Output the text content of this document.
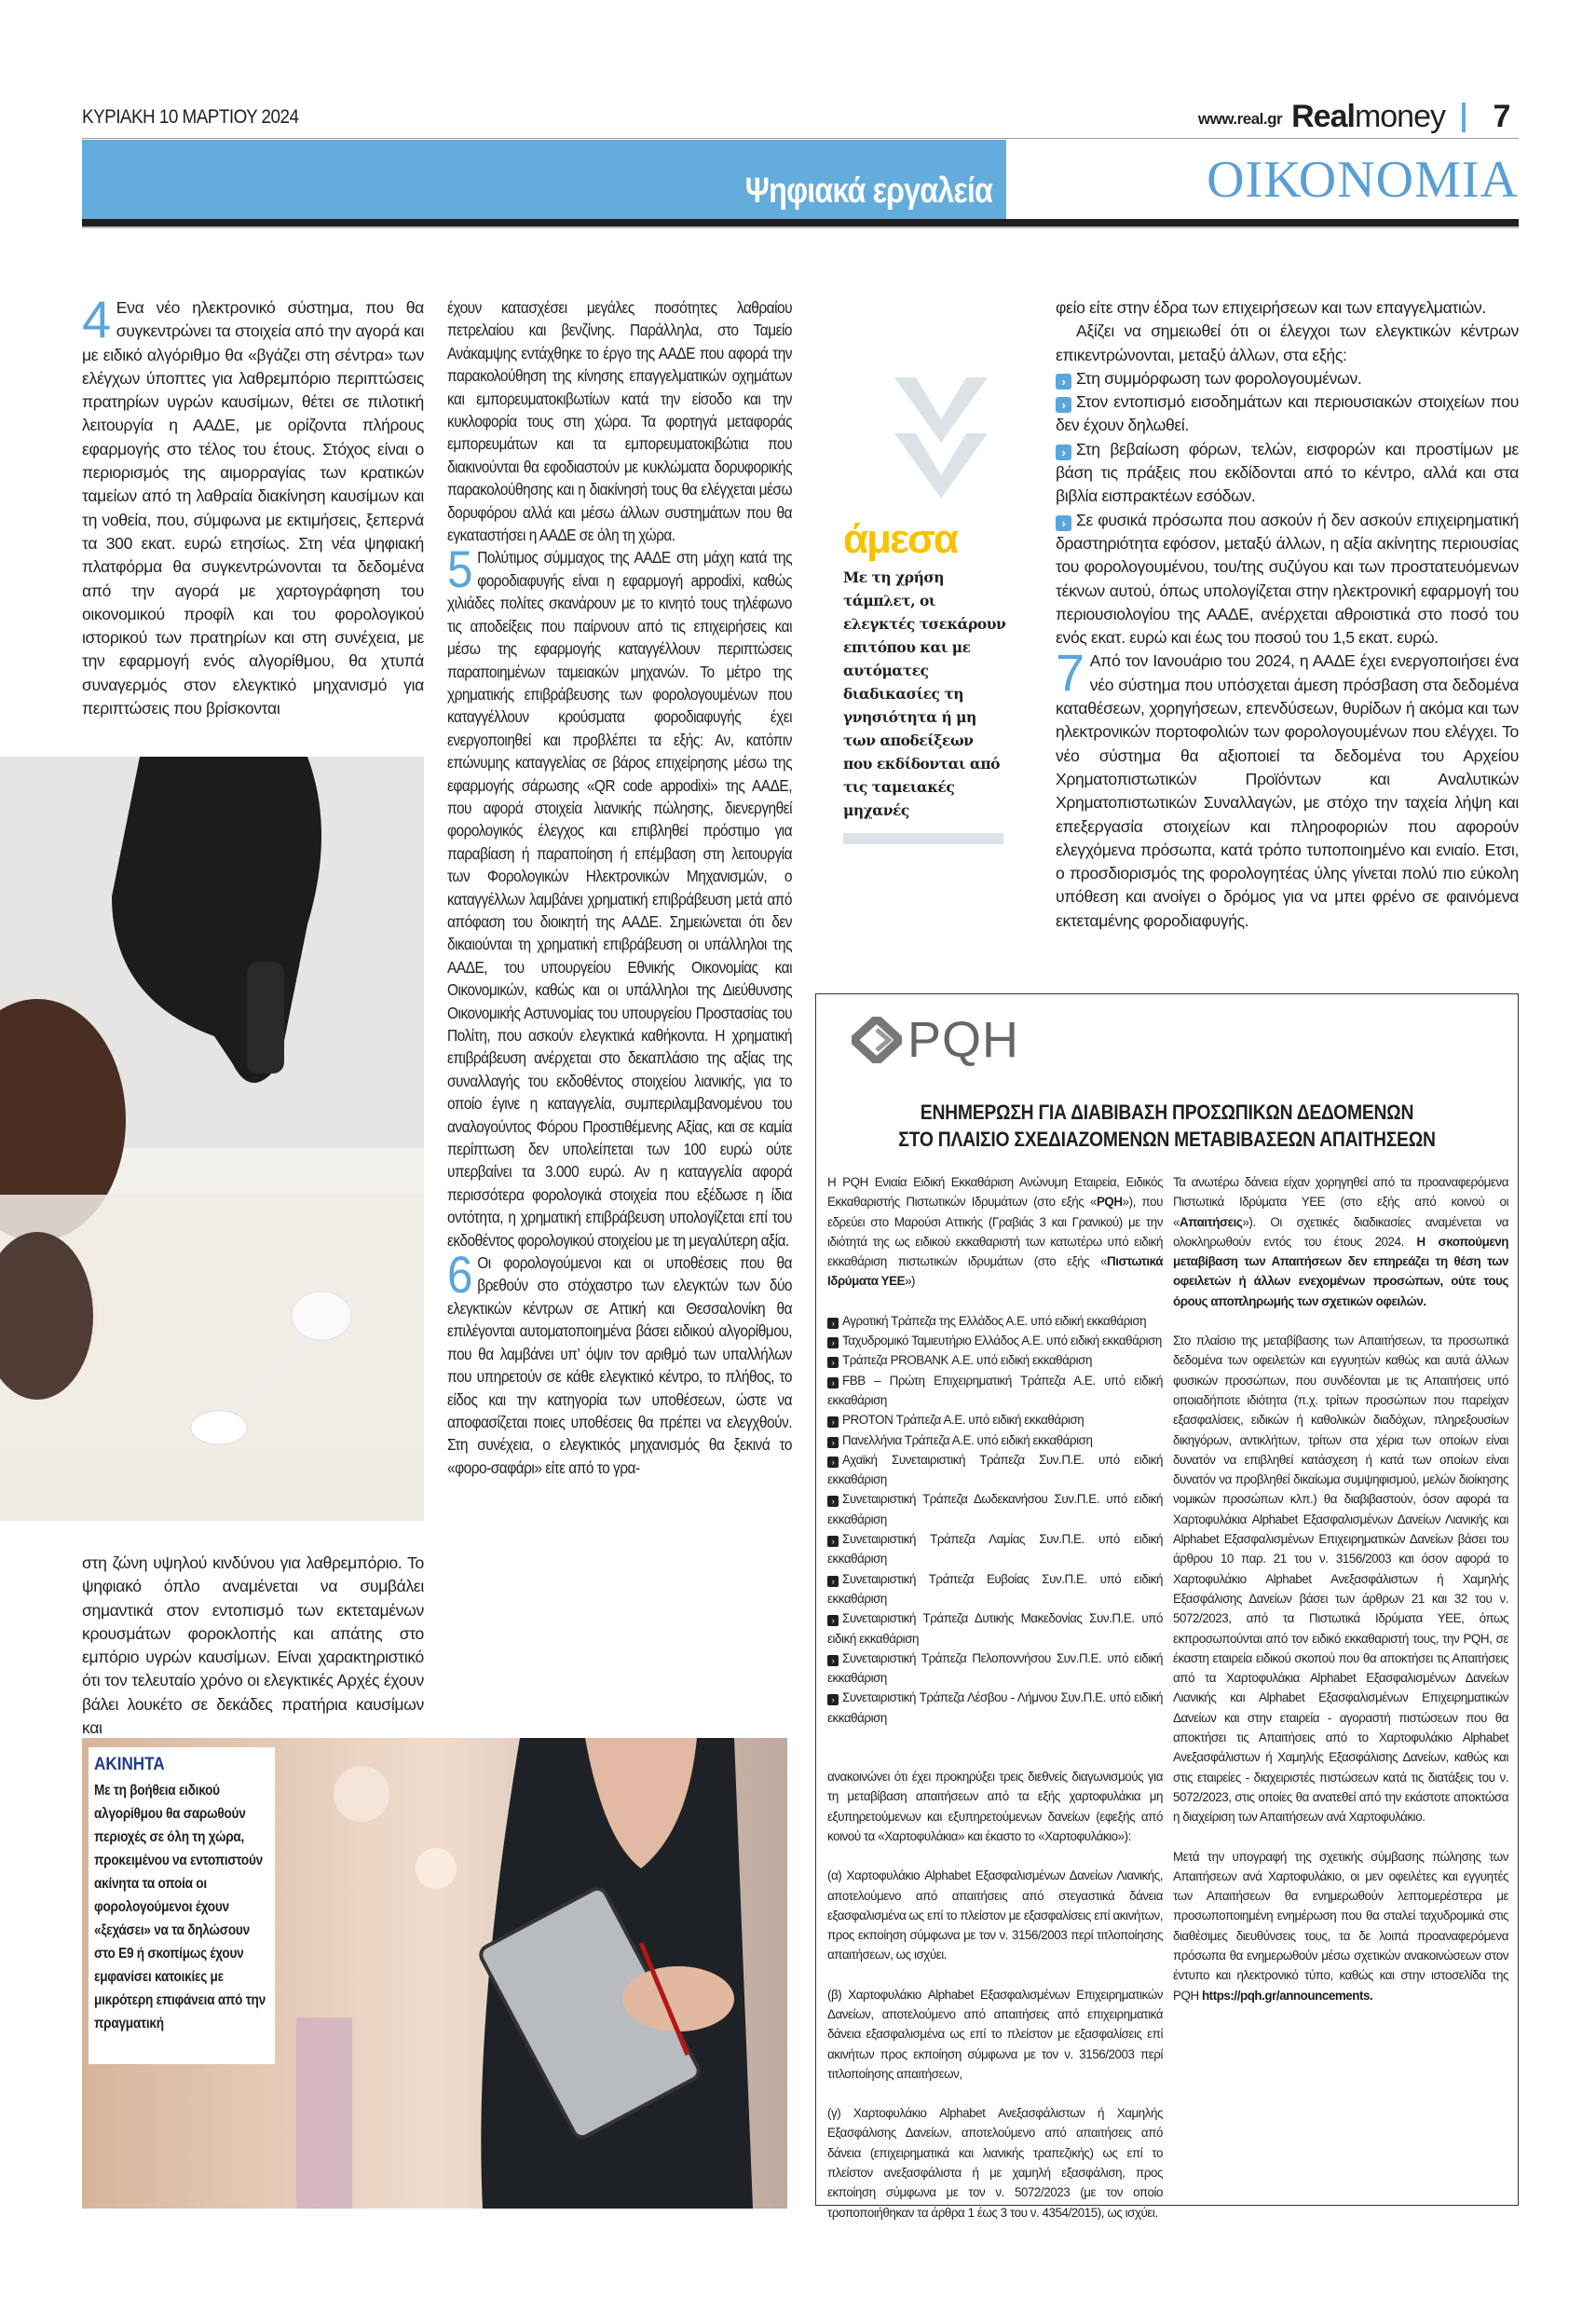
ΚΥΡΙΑΚΗ 10 ΜΑΡΤΙΟΥ 2024	www.real.gr Realmoney 7
Ψηφιακά εργαλεία	ΟΙΚΟΝΟΜΙΑ

4 Ενα νέο ηλεκτρονικό σύστημα, που θα συγκεντρώνει τα στοιχεία από την αγορά και με ειδικό αλγόριθμο θα «βγάζει στη σέντρα» των ελέγχων ύποπτες για λαθρεμπόριο περιπτώσεις πρατηρίων υγρών καυσίμων, θέτει σε πιλοτική λειτουργία η ΑΑΔΕ, με ορίζοντα πλήρους εφαρμογής στο τέλος του έτους. Στόχος είναι ο περιορισμός της αιμορραγίας των κρατικών ταμείων από τη λαθραία διακίνηση καυσίμων και τη νοθεία, που, σύμφωνα με εκτιμήσεις, ξεπερνά τα 300 εκατ. ευρώ ετησίως. Στη νέα ψηφιακή πλατφόρμα θα συγκεντρώνονται τα δεδομένα από την αγορά με χαρτογράφηση του οικονομικού προφίλ και του φορολογικού ιστορικού των πρατηρίων και στη συνέχεια, με την εφαρμογή ενός αλγορίθμου, θα χτυπά συναγερμός στον ελεγκτικό μηχανισμό για περιπτώσεις που βρίσκονται

στη ζώνη υψηλού κινδύνου για λαθρεμπόριο. Το ψηφιακό όπλο αναμένεται να συμβάλει σημαντικά στον εντοπισμό των εκτεταμένων κρουσμάτων φοροκλοπής και απάτης στο εμπόριο υγρών καυσίμων. Είναι χαρακτηριστικό ότι τον τελευταίο χρόνο οι ελεγκτικές Αρχές έχουν βάλει λουκέτο σε δεκάδες πρατήρια καυσίμων και

έχουν κατασχέσει μεγάλες ποσότητες λαθραίου πετρελαίου και βενζίνης. Παράλληλα, στο Ταμείο Ανάκαμψης εντάχθηκε το έργο της ΑΑΔΕ που αφορά την παρακολούθηση της κίνησης επαγγελματικών οχημάτων και εμπορευματοκιβωτίων κατά την είσοδο και την κυκλοφορία τους στη χώρα. Τα φορτηγά μεταφοράς εμπορευμάτων και τα εμπορευματοκιβώτια που διακινούνται θα εφοδιαστούν με κυκλώματα δορυφορικής παρακολούθησης και η διακίνησή τους θα ελέγχεται μέσω δορυφόρου αλλά και μέσω άλλων συστημάτων που θα εγκαταστήσει η ΑΑΔΕ σε όλη τη χώρα.

5 Πολύτιμος σύμμαχος της ΑΑΔΕ στη μάχη κατά της φοροδιαφυγής είναι η εφαρμογή appodixi, καθώς χιλιάδες πολίτες σκανάρουν με το κινητό τους τηλέφωνο τις αποδείξεις που παίρνουν από τις επιχειρήσεις και μέσω της εφαρμογής καταγγέλλουν περιπτώσεις παραποιημένων ταμειακών μηχανών. Το μέτρο της χρηματικής επιβράβευσης των φορολογουμένων που καταγγέλλουν κρούσματα φοροδιαφυγής έχει ενεργοποιηθεί και προβλέπει τα εξής: Αν, κατόπιν επώνυμης καταγγελίας σε βάρος επιχείρησης μέσω της εφαρμογής σάρωσης «QR code appodixi» της ΑΑΔΕ, που αφορά στοιχεία λιανικής πώλησης, διενεργηθεί φορολογικός έλεγχος και επιβληθεί πρόστιμο για παραβίαση ή παραποίηση ή επέμβαση στη λειτουργία των Φορολογικών Ηλεκτρονικών Μηχανισμών, ο καταγγέλλων λαμβάνει χρηματική επιβράβευση μετά από απόφαση του διοικητή της ΑΑΔΕ. Σημειώνεται ότι δεν δικαιούνται τη χρηματική επιβράβευση οι υπάλληλοι της ΑΑΔΕ, του υπουργείου Εθνικής Οικονομίας και Οικονομικών, καθώς και οι υπάλληλοι της Διεύθυνσης Οικονομικής Αστυνομίας του υπουργείου Προστασίας του Πολίτη, που ασκούν ελεγκτικά καθήκοντα. Η χρηματική επιβράβευση ανέρχεται στο δεκαπλάσιο της αξίας της συναλλαγής του εκδοθέντος στοιχείου λιανικής, για το οποίο έγινε η καταγγελία, συμπεριλαμβανομένου του αναλογούντος Φόρου Προστιθέμενης Αξίας, και σε καμία περίπτωση δεν υπολείπεται των 100 ευρώ ούτε υπερβαίνει τα 3.000 ευρώ. Αν η καταγγελία αφορά περισσότερα φορολογικά στοιχεία που εξέδωσε η ίδια οντότητα, η χρηματική επιβράβευση υπολογίζεται επί του εκδοθέντος φορολογικού στοιχείου με τη μεγαλύτερη αξία.

6 Οι φορολογούμενοι και οι υποθέσεις που θα βρεθούν στο στόχαστρο των ελεγκτών των δύο ελεγκτικών κέντρων σε Αττική και Θεσσαλονίκη θα επιλέγονται αυτοματοποιημένα βάσει ειδικού αλγορίθμου, που θα λαμβάνει υπ’ όψιν τον αριθμό των υπαλλήλων που υπηρετούν σε κάθε ελεγκτικό κέντρο, το πλήθος, το είδος και την κατηγορία των υποθέσεων, ώστε να αποφασίζεται ποιες υποθέσεις θα πρέπει να ελεγχθούν. Στη συνέχεια, ο ελεγκτικός μηχανισμός θα ξεκινά το «φορο-σαφάρι» είτε από το γρα-

ΑΚΙΝΗΤΑ
Με τη βοήθεια ειδικού αλγορίθμου θα σαρωθούν περιοχές σε όλη τη χώρα, προκειμένου να εντοπιστούν ακίνητα τα οποία οι φορολογούμενοι έχουν «ξεχάσει» να τα δηλώσουν στο Ε9 ή σκοπίμως έχουν εμφανίσει κατοικίες με μικρότερη επιφάνεια από την πραγματική
άμεσα
Με τη χρήση τάμπλετ, οι ελεγκτές τσεκάρουν επιτόπου και με αυτόματες διαδικασίες τη γνησιότητα ή μη των αποδείξεων που εκδίδονται από τις ταμειακές μηχανές

φείο είτε στην έδρα των επιχειρήσεων και των επαγγελματιών.

Αξίζει να σημειωθεί ότι οι έλεγχοι των ελεγκτικών κέντρων επικεντρώνονται, μεταξύ άλλων, στα εξής:

› Στη συμμόρφωση των φορολογουμένων.

› Στον εντοπισμό εισοδημάτων και περιουσιακών στοιχείων που δεν έχουν δηλωθεί.

› Στη βεβαίωση φόρων, τελών, εισφορών και προστίμων με βάση τις πράξεις που εκδίδονται από το κέντρο, αλλά και στα βιβλία εισπρακτέων εσόδων.

› Σε φυσικά πρόσωπα που ασκούν ή δεν ασκούν επιχειρηματική δραστηριότητα εφόσον, μεταξύ άλλων, η αξία ακίνητης περιουσίας του φορολογουμένου, του/της συζύγου και των προστατευόμενων τέκνων αυτού, όπως υπολογίζεται στην ηλεκτρονική εφαρμογή του περιουσιολογίου της ΑΑΔΕ, ανέρχεται αθροιστικά στο ποσό του ενός εκατ. ευρώ και έως του ποσού του 1,5 εκατ. ευρώ.

7 Από τον Ιανουάριο του 2024, η ΑΑΔΕ έχει ενεργοποιήσει ένα νέο σύστημα που υπόσχεται άμεση πρόσβαση στα δεδομένα καταθέσεων, χορηγήσεων, επενδύσεων, θυρίδων ή ακόμα και των ηλεκτρονικών πορτοφολιών των φορολογουμένων που ελέγχει. Το νέο σύστημα θα αξιοποιεί τα δεδομένα του Αρχείου Χρηματοπιστωτικών Προϊόντων και Αναλυτικών Χρηματοπιστωτικών Συναλλαγών, με στόχο την ταχεία λήψη και επεξεργασία στοιχείων και πληροφοριών που αφορούν ελεγχόμενα πρόσωπα, κατά τρόπο τυποποιημένο και ενιαίο. Ετσι, ο προσδιορισμός της φορολογητέας ύλης γίνεται πολύ πιο εύκολη υπόθεση και ανοίγει ο δρόμος για να μπει φρένο σε φαινόμενα εκτεταμένης φοροδιαφυγής.

PQH
ΕΝΗΜΕΡΩΣΗ ΓΙΑ ΔΙΑΒΙΒΑΣΗ ΠΡΟΣΩΠΙΚΩΝ ΔΕΔΟΜΕΝΩΝ
ΣΤΟ ΠΛΑΙΣΙΟ ΣΧΕΔΙΑΖΟΜΕΝΩΝ ΜΕΤΑΒΙΒΑΣΕΩΝ ΑΠΑΙΤΗΣΕΩΝ

Η PQH Ενιαία Ειδική Εκκαθάριση Ανώνυμη Εταιρεία, Ειδικός Εκκαθαριστής Πιστωτικών Ιδρυμάτων (στο εξής «PQH»), που εδρεύει στο Μαρούσι Αττικής (Γραβιάς 3 και Γρανικού) με την ιδιότητά της ως ειδικού εκκαθαριστή των κατωτέρω υπό ειδική εκκαθάριση πιστωτικών ιδρυμάτων (στο εξής «Πιστωτικά Ιδρύματα ΥΕΕ»)

› Αγροτική Τράπεζα της Ελλάδος Α.Ε. υπό ειδική εκκαθάριση
› Ταχυδρομικό Ταμιευτήριο Ελλάδος Α.Ε. υπό ειδική εκκαθάριση
› Τράπεζα PROBANK Α.Ε. υπό ειδική εκκαθάριση
› FBB – Πρώτη Επιχειρηματική Τράπεζα Α.Ε. υπό ειδική εκκαθάριση
› PROTON Τράπεζα Α.Ε. υπό ειδική εκκαθάριση
› Πανελλήνια Τράπεζα Α.Ε. υπό ειδική εκκαθάριση
› Αχαϊκή Συνεταιριστική Τράπεζα Συν.Π.Ε. υπό ειδική εκκαθάριση
› Συνεταιριστική Τράπεζα Δωδεκανήσου Συν.Π.Ε. υπό ειδική εκκαθάριση
› Συνεταιριστική Τράπεζα Λαμίας Συν.Π.Ε. υπό ειδική εκκαθάριση
› Συνεταιριστική Τράπεζα Ευβοίας Συν.Π.Ε. υπό ειδική εκκαθάριση
› Συνεταιριστική Τράπεζα Δυτικής Μακεδονίας Συν.Π.Ε. υπό ειδική εκκαθάριση
› Συνεταιριστική Τράπεζα Πελοποννήσου Συν.Π.Ε. υπό ειδική εκκαθάριση
› Συνεταιριστική Τράπεζα Λέσβου - Λήμνου Συν.Π.Ε. υπό ειδική εκκαθάριση

ανακοινώνει ότι έχει προκηρύξει τρεις διεθνείς διαγωνισμούς για τη μεταβίβαση απαιτήσεων από τα εξής χαρτοφυλάκια μη εξυπηρετούμενων και εξυπηρετούμενων δανείων (εφεξής από κοινού τα «Χαρτοφυλάκια» και έκαστο το «Χαρτοφυλάκιο»):

(α) Χαρτοφυλάκιο Alphabet Εξασφαλισμένων Δανείων Λιανικής, αποτελούμενο από απαιτήσεις από στεγαστικά δάνεια εξασφαλισμένα ως επί το πλείστον με εξασφαλίσεις επί ακινήτων, προς εκποίηση σύμφωνα με τον ν. 3156/2003 περί τιτλοποίησης απαιτήσεων, ως ισχύει.

(β) Χαρτοφυλάκιο Alphabet Εξασφαλισμένων Επιχειρηματικών Δανείων, αποτελούμενο από απαιτήσεις από επιχειρηματικά δάνεια εξασφαλισμένα ως επί το πλείστον με εξασφαλίσεις επί ακινήτων προς εκποίηση σύμφωνα με τον ν. 3156/2003 περί τιτλοποίησης απαιτήσεων,

(γ) Χαρτοφυλάκιο Alphabet Ανεξασφάλιστων ή Χαμηλής Εξασφάλισης Δανείων, αποτελούμενο από απαιτήσεις από δάνεια (επιχειρηματικά και λιανικής τραπεζικής) ως επί το πλείστον ανεξασφάλιστα ή με χαμηλή εξασφάλιση, προς εκποίηση σύμφωνα με τον ν. 5072/2023 (με τον οποίο τροποποιήθηκαν τα άρθρα 1 έως 3 του ν. 4354/2015), ως ισχύει.

Τα ανωτέρω δάνεια είχαν χορηγηθεί από τα προαναφερόμενα Πιστωτικά Ιδρύματα ΥΕΕ (στο εξής από κοινού οι «Απαιτήσεις»). Οι σχετικές διαδικασίες αναμένεται να ολοκληρωθούν εντός του έτους 2024. Η σκοπούμενη μεταβίβαση των Απαιτήσεων δεν επηρεάζει τη θέση των οφειλετών ή άλλων ενεχομένων προσώπων, ούτε τους όρους αποπληρωμής των σχετικών οφειλών.

Στο πλαίσιο της μεταβίβασης των Απαιτήσεων, τα προσωπικά δεδομένα των οφειλετών και εγγυητών καθώς και αυτά άλλων φυσικών προσώπων, που συνδέονται με τις Απαιτήσεις υπό οποιαδήποτε ιδιότητα (π.χ. τρίτων προσώπων που παρείχαν εξασφαλίσεις, ειδικών ή καθολικών διαδόχων, πληρεξουσίων δικηγόρων, αντικλήτων, τρίτων στα χέρια των οποίων είναι δυνατόν να επιβληθεί κατάσχεση ή κατά των οποίων είναι δυνατόν να προβληθεί δικαίωμα συμψηφισμού, μελών διοίκησης νομικών προσώπων κλπ.) θα διαβιβαστούν, όσον αφορά τα Χαρτοφυλάκια Alphabet Εξασφαλισμένων Δανείων Λιανικής και Alphabet Εξασφαλισμένων Επιχειρηματικών Δανείων βάσει του άρθρου 10 παρ. 21 του ν. 3156/2003 και όσον αφορά το Χαρτοφυλάκιο Alphabet Ανεξασφάλιστων ή Χαμηλής Εξασφάλισης Δανείων βάσει των άρθρων 21 και 32 του ν. 5072/2023, από τα Πιστωτικά Ιδρύματα ΥΕΕ, όπως εκπροσωπούνται από τον ειδικό εκκαθαριστή τους, την PQH, σε έκαστη εταιρεία ειδικού σκοπού που θα αποκτήσει τις Απαιτήσεις από τα Χαρτοφυλάκια Alphabet Εξασφαλισμένων Δανείων Λιανικής και Alphabet Εξασφαλισμένων Επιχειρηματικών Δανείων και στην εταιρεία - αγοραστή πιστώσεων που θα αποκτήσει τις Απαιτήσεις από το Χαρτοφυλάκιο Alphabet Ανεξασφάλιστων ή Χαμηλής Εξασφάλισης Δανείων, καθώς και στις εταιρείες - διαχειριστές πιστώσεων κατά τις διατάξεις του ν. 5072/2023, στις οποίες θα ανατεθεί από την εκάστοτε αποκτώσα η διαχείριση των Απαιτήσεων ανά Χαρτοφυλάκιο.

Μετά την υπογραφή της σχετικής σύμβασης πώλησης των Απαιτήσεων ανά Χαρτοφυλάκιο, οι μεν οφειλέτες και εγγυητές των Απαιτήσεων θα ενημερωθούν λεπτομερέστερα με προσωποποιημένη ενημέρωση που θα σταλεί ταχυδρομικά στις διαθέσιμες διευθύνσεις τους, τα δε λοιπά προαναφερόμενα πρόσωπα θα ενημερωθούν μέσω σχετικών ανακοινώσεων στον έντυπο και ηλεκτρονικό τύπο, καθώς και στην ιστοσελίδα της PQH https://pqh.gr/announcements.
